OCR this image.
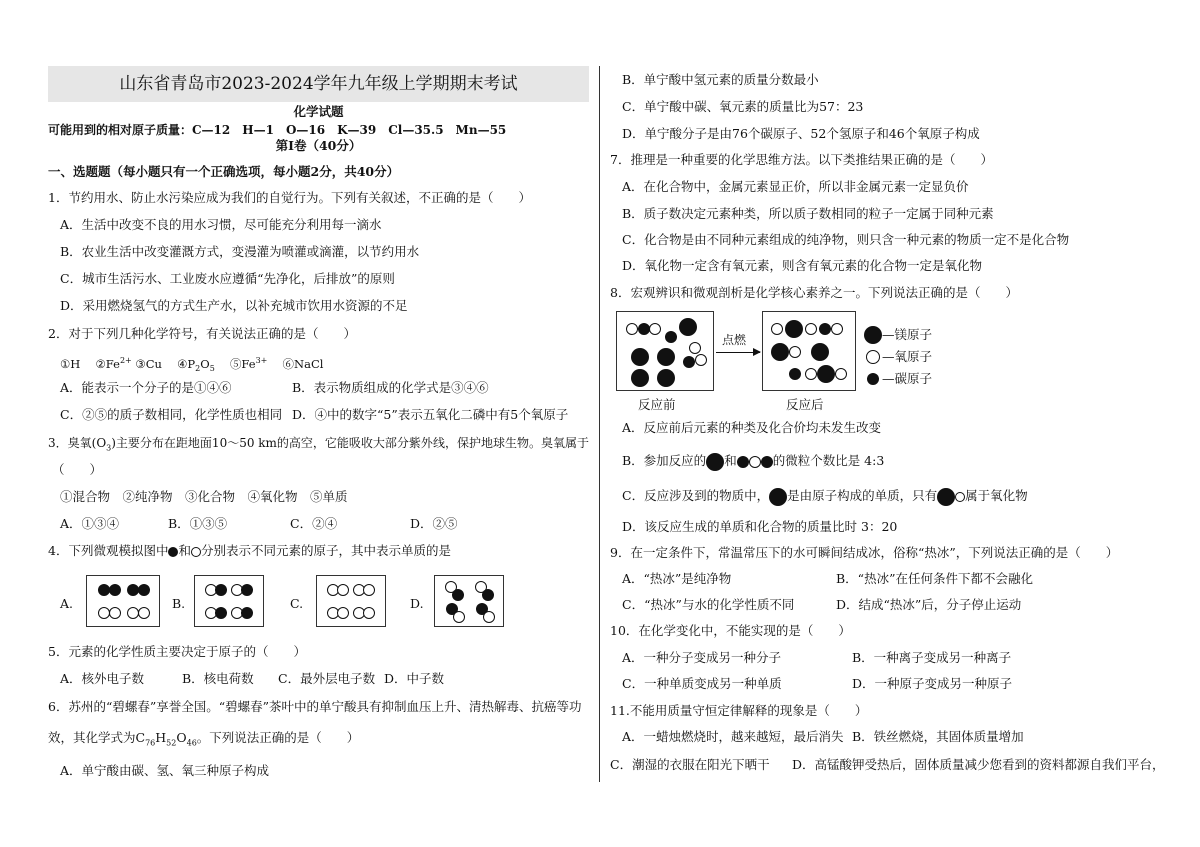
山东省青岛市2023-2024学年九年级上学期期末考试
化学试题
可能用到的相对原子质量：C—12　H—1　O—16　K—39　Cl—35.5　Mn—55
第Ⅰ卷（40分）
一、选题题（每小题只有一个正确选项，每小题2分，共40分）
1．节约用水、防止水污染应成为我们的自觉行为。下列有关叙述，不正确的是（　　）
A．生活中改变不良的用水习惯，尽可能充分利用每一滴水
B．农业生活中改变灌溉方式，变漫灌为喷灌或滴灌，以节约用水
C．城市生活污水、工业废水应遵循“先净化，后排放”的原则
D．采用燃烧氢气的方式生产水，以补充城市饮用水资源的不足
2．对于下列几种化学符号，有关说法正确的是（　　）
①H　 $②Fe^{2+}$ ③Cu　 $④P_2O_5$　 $⑤Fe^{3+}$　 ⑥NaCl
A．能表示一个分子的是①④⑥	B．表示物质组成的化学式是③④⑥
C．②⑤的质子数相同，化学性质也相同 D．④中的数字“5”表示五氧化二磷中有5个氧原子
3．臭氧$(O_3)$主要分布在距地面10～50 km的高空，它能吸收大部分紫外线，保护地球生物。臭氧属于
（　　）
①混合物　②纯净物　③化合物　④氧化物　⑤单质
A．①③④	B．①③⑤	C．②④	D．②⑤
4．下列微观模拟图中 和 分别表示不同元素的原子，其中表示单质的是
A.	B.	C.	D.
5．元素的化学性质主要决定于原子的（　　）
A．核外电子数	B．核电荷数 C．最外层电子数 D．中子数
6．苏州的“碧螺春”享誉全国。“碧螺春”茶叶中的单宁酸具有抑制血压上升、清热解毒、抗癌等功
效，其化学式为$C_{76}H_{52}O_{46}$。下列说法正确的是（　　）
A．单宁酸由碳、氢、氧三种原子构成
B．单宁酸中氢元素的质量分数最小
C．单宁酸中碳、氧元素的质量比为57：23
D．单宁酸分子是由76个碳原子、52个氢原子和46个氧原子构成
7．推理是一种重要的化学思维方法。以下类推结果正确的是（　　）
A．在化合物中，金属元素显正价，所以非金属元素一定显负价
B．质子数决定元素种类，所以质子数相同的粒子一定属于同种元素
C．化合物是由不同种元素组成的纯净物，则只含一种元素的物质一定不是化合物
D．氧化物一定含有氧元素，则含有氧元素的化合物一定是氧化物
8．宏观辨识和微观剖析是化学核心素养之一。下列说法正确的是（　　）
点燃
反应前	反应后
—镁原子
—氧原子
—碳原子
A．反应前后元素的种类及化合价均未发生改变
B．参加反应的 和	的微粒个数比是 4:3
C．反应涉及到的物质中， 是由原子构成的单质，只有 属于氧化物
D．该反应生成的单质和化合物的质量比时 3：20
9．在一定条件下，常温常压下的水可瞬间结成冰，俗称“热冰”，下列说法正确的是（　　）
A．“热冰”是纯净物	B．“热冰”在任何条件下都不会融化
C．“热冰”与水的化学性质不同	D．结成“热冰”后，分子停止运动
10．在化学变化中，不能实现的是（　　）
A．一种分子变成另一种分子	B．一种离子变成另一种离子
C．一种单质变成另一种单质	D．一种原子变成另一种原子
11.不能用质量守恒定律解释的现象是（　　）
A．一蜡烛燃烧时，越来越短，最后消失 B．铁丝燃烧，其固体质量增加
C．潮湿的衣服在阳光下晒干 D．高锰酸钾受热后，固体质量减少您看到的资料都源自我们平台，
